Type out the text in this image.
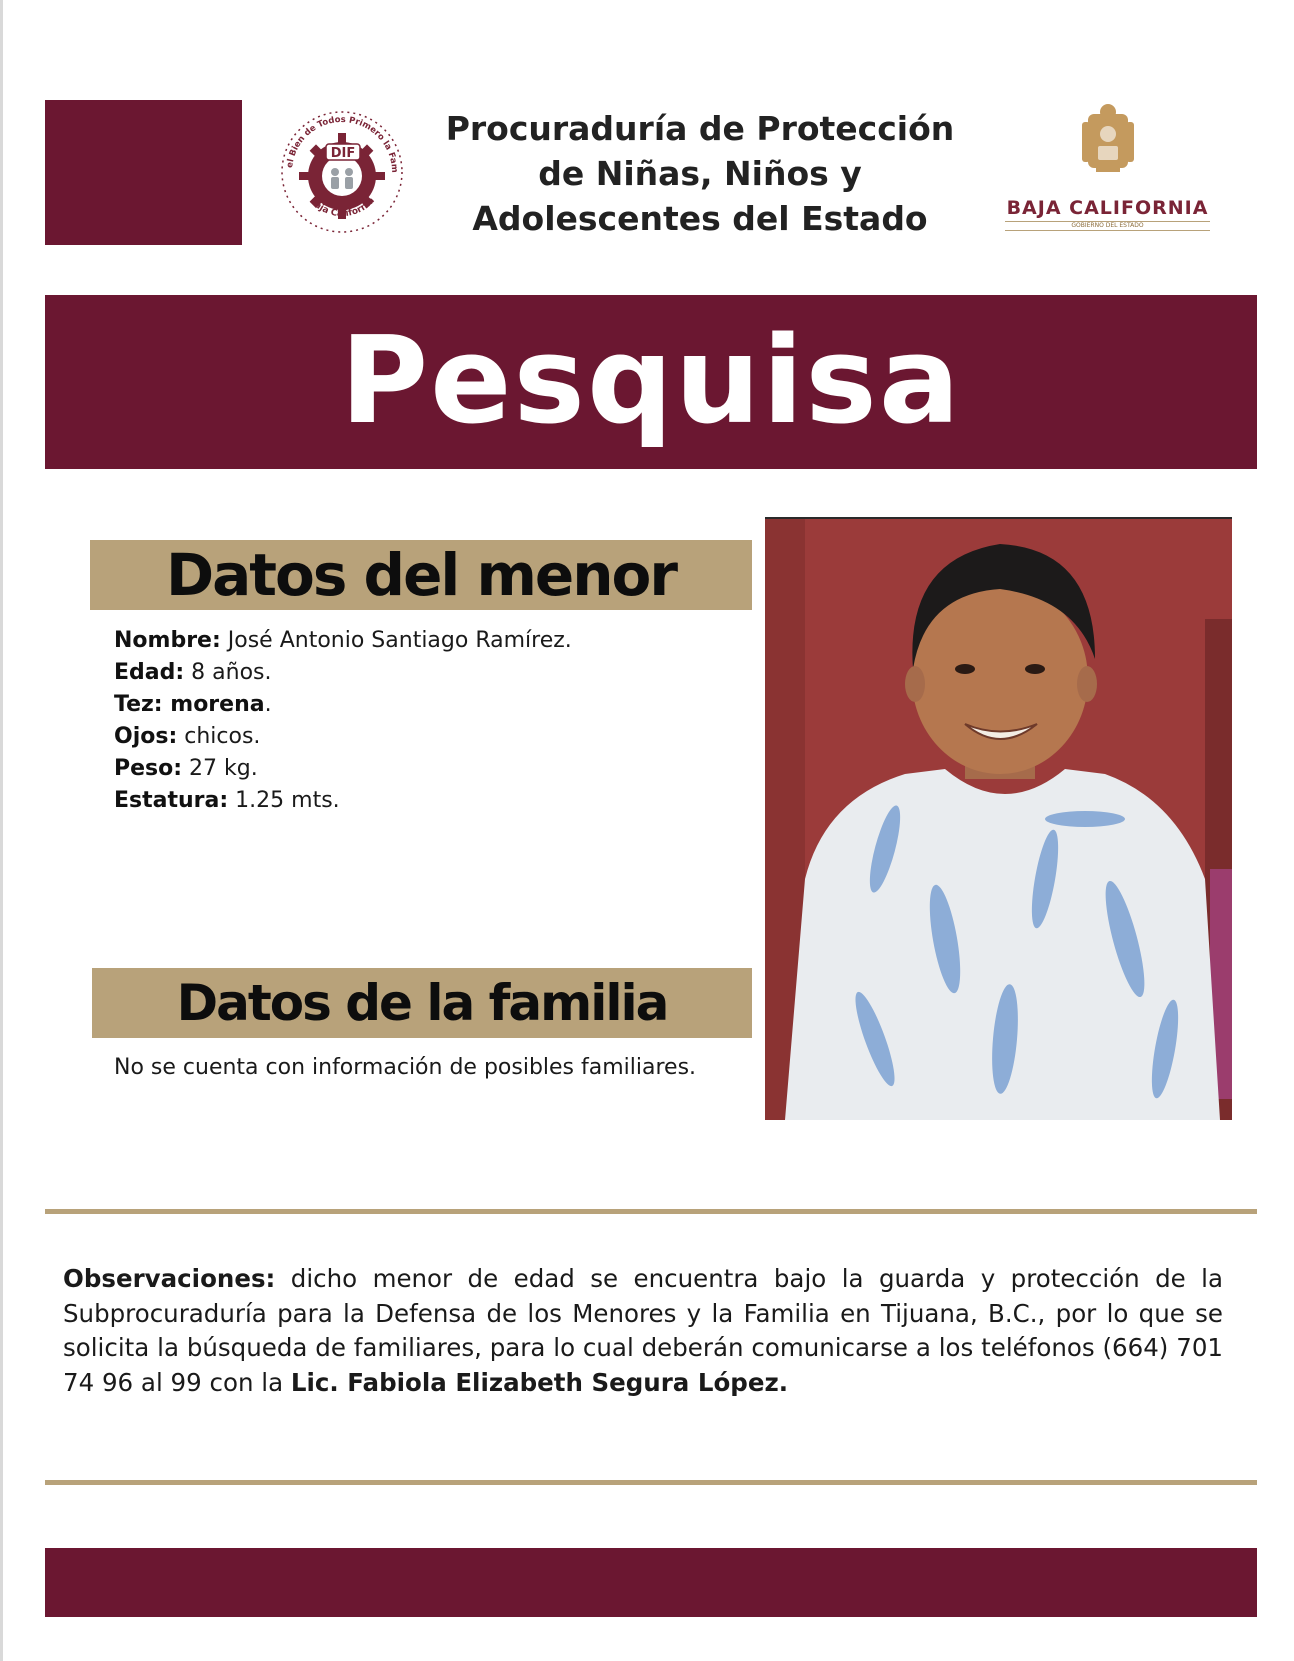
DIF
el Bien de Todos Primero la Fam
Baja California
Procuraduría de Protección
de Niñas, Niños y
Adolescentes del Estado	BAJA CALIFORNIA
GOBIERNO DEL ESTADO
Pesquisa
Datos del menor
Nombre: José Antonio Santiago Ramírez.
Edad: 8 años.
Tez: morena.
Ojos: chicos.
Peso: 27 kg.
Estatura: 1.25 mts.
Datos de la familia
No se cuenta con información de posibles familiares.
Observaciones: dicho menor de edad se encuentra bajo la guarda y protección de la Subprocuraduría para la Defensa de los Menores y la Familia en Tijuana, B.C., por lo que se solicita la búsqueda de familiares, para lo cual deberán comunicarse a los teléfonos (664) 701 74 96 al 99 con la Lic. Fabiola Elizabeth Segura López.
